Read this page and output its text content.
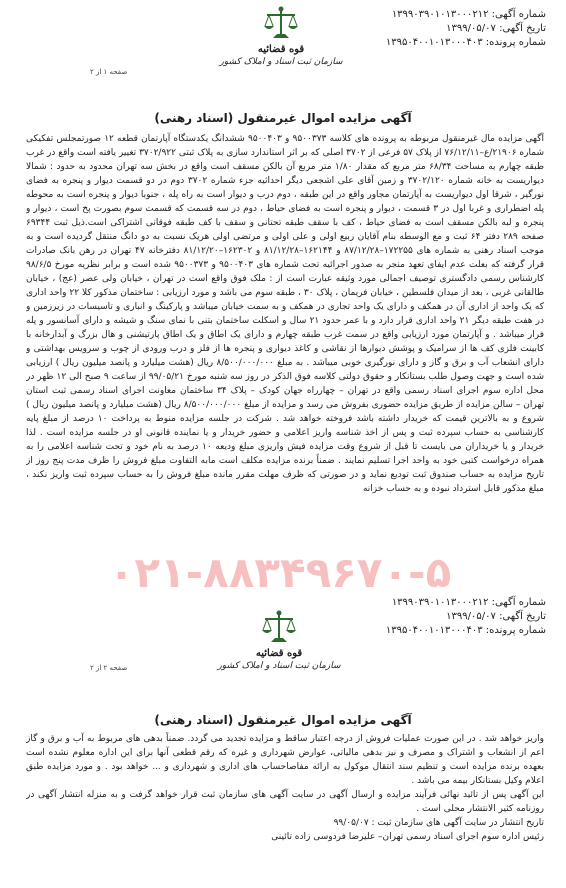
شماره آگهی: ۱۳۹۹۰۳۹۰۱۰۱۳۰۰۰۲۱۲
تاریخ آگهی: ۱۳۹۹/۰۵/۰۷
شماره پرونده: ۱۳۹۵۰۴۰۰۱۰۱۳۰۰۰۴۰۳
قوه قضائیه
سازمان ثبت اسناد و املاک کشور
صفحه ۱ از ۲
آگهی مزایده اموال غیرمنقول (اسناد رهنی)
آگهی مزایده مال غیرمنقول مربوطه به پرونده های کلاسه ۹۵۰۰۳۷۳ و ۹۵۰۰۴۰۳ ششدانگ یکدستگاه آپارتمان قطعه ۱۲ صورتمجلس تفکیکی شماره ۲۱۹۰۶/ع–۷۶/۱۲/۱۱ از پلاک ۵۷ فرعی از ۳۷۰۲ اصلی که بر اثر استاندارد سازی به پلاک ثبتی ۳۷۰۲/۹۲۲ تغییر یافته است واقع در غرب طبقه چهارم به مساحت ۶۸/۳۴ متر مربع که مقدار ۱/۸۰ متر مربع آن بالکن مسقف است واقع در بخش سه تهران محدود به حدود : شمالا دیواریست به خانه شماره ۳۷۰۲/۱۲۰ و زمین آقای علی اشجعی دیگر احداثیه جزء شماره ۳۷۰۲ دوم در دو قسمت دیوار و پنجره به فضای نورگیر ، شرقا اول دیواریست به آپارتمان مجاور واقع در این طبقه ، دوم درب و دیوار است به راه پله ، جنوبا دیوار و پنجره است به محوطه پله اضطراری و غربا اول در ۳ قسمت ، دیوار و پنجره است به فضای حیاط ، دوم در سه قسمت که قسمت سوم بصورت پخ است ، دیوار و پنجره و لبه بالکن مسقف است به فضای حیاط ، کف با سقف طبقه تحتانی و سقف با کف طبقه فوقانی اشتراکی است.ذیل ثبت ۶۹۳۴۴ صفحه ۲۸۹ دفتر ۶۴ ثبت و مع الوسطه بنام آقایان ربیع اولی و علی اولی و مرتضی اولی هریک نسبت به دو دانگ منتقل گردیده است و به موجب اسناد رهنی به شماره های ۱۷۲۲۵۵–۸۷/۱۲/۲۸ و ۱۶۲۱۴۴–۸۱/۱۲/۲۸ و ۱۶۲۳۰۲–۸۱/۱۲/۲۰ دفترخانه ۴۷ تهران در رهن بانک صادرات قرار گرفته که بعلت عدم ایفای تعهد منجر به صدور اجرائیه تحت شماره های ۹۵۰۰۴۰۳ و ۹۵۰۰۳۷۳ شده است و برابر نظریه مورخ ۹۸/۶/۵ کارشناس رسمی دادگستری توصیف اجمالی مورد وثیقه عبارت است از : ملک فوق واقع است در تهران ، خیابان ولی عصر (عج) ، خیابان طالقانی غربی ، بعد از میدان فلسطین ، خیابان فریمان ، پلاک ۳۰ ، طبقه سوم می باشد و مورد ارزیابی : ساختمان مذکور کلا ۲۲ واحد اداری که یک واحد از اداری آن در همکف و دارای یک واحد تجاری در همکف و به سمت خیابان میباشد و پارکینگ و انباری و تاسیسات در زیرزمین و در هفت طبقه دیگر ۲۱ واحد اداری قرار دارد و با عمر حدود ۲۱ سال و اسکلت ساختمان بتنی با نمای سنگ و شیشه و دارای آسانسور و پله فرار میباشد . و آپارتمان مورد ارزیابی واقع در سمت غرب طبقه چهارم و دارای یک اطاق و یک اطاق پارتیشنی و هال بزرگ و آبدارخانه با کابینت فلزی کف ها از سرامیک و پوشش دیوارها از نقاشی و کاغذ دیواری و پنجره ها از فلز و درب ورودی از چوب و سرویس بهداشتی و دارای انشعاب آب و برق و گاز و دارای نورگیری خوبی میباشد . به مبلغ ۸/۵۰۰/۰۰۰/۰۰۰ ریال (هشت میلیارد و پانصد میلیون ریال ) ارزیابی شده است و جهت وصول طلب بستانکار و حقوق دولتی کلاسه فوق الذکر در روز سه شنبه مورخ ۹۹/۰۵/۲۱ از ساعت ۹ صبح الی ۱۲ ظهر در محل اداره سوم اجرای اسناد رسمی واقع در تهران – چهارراه جهان کودک – پلاک ۳۴ ساختمان معاونت اجرای اسناد رسمی ثبت استان تهران – سالن مزایده از طریق مزایده حضوری بفروش می رسد و مزایده از مبلغ ۸/۵۰۰/۰۰۰/۰۰۰ ریال (هشت میلیارد و پانصد میلیون ریال ) شروع و به بالاترین قیمت که خریدار داشته باشد فروخته خواهد شد . شرکت در جلسه مزایده منوط به پرداخت ۱۰ درصد از مبلغ پایه کارشناسی به حساب سپرده ثبت و پس از اخذ شناسه واریز اعلامی و حضور خریدار و یا نماینده قانونی او در جلسه مزایده است . لذا خریدار و یا خریداران می بایست تا قبل از شروع وقت مزایده فیش واریزی مبلغ ودیعه ۱۰ درصد به نام خود و تحت شناسه اعلامی را به همراه درخواست کتبی خود به واحد اجرا تسلیم نمایند . ضمناً برنده مزایده مکلف است مابه التفاوت مبلغ فروش را ظرف مدت پنج روز از تاریخ مزایده به حساب صندوق ثبت تودیع نماید و در صورتی که ظرف مهلت مقرر مانده مبلغ فروش را به حساب سپرده ثبت واریز نکند ، مبلغ مذکور قابل استرداد نبوده و به حساب خزانه
۰۲۱-۸۸۳۴۹۶۷۰-۵
شماره آگهی: ۱۳۹۹۰۳۹۰۱۰۱۳۰۰۰۲۱۲
تاریخ آگهی: ۱۳۹۹/۰۵/۰۷
شماره پرونده: ۱۳۹۵۰۴۰۰۱۰۱۳۰۰۰۴۰۳
قوه قضائیه
سازمان ثبت اسناد و املاک کشور
صفحه ۲ از ۲
آگهی مزایده اموال غیرمنقول (اسناد رهنی)
واریز خواهد شد . در این صورت عملیات فروش از درجه اعتبار ساقط و مزایده تجدید می گردد. ضمناً بدهی های مربوط به آب و برق و گاز اعم از انشعاب و اشتراک و مصرف و نیز بدهی مالیاتی، عوارض شهرداری و غیره که رقم قطعی آنها برای این اداره معلوم نشده است بعهده برنده مزایده است و تنظیم سند انتقال موکول به ارائه مفاصاحساب های اداری و شهرداری و ... خواهد بود . و مورد مزایده طبق اعلام وکیل بستانکار بیمه می باشد .
این آگهی پس از تائید نهائی فرآیند مزایده و ارسال آگهی در سایت آگهی های سازمان ثبت قرار خواهد گرفت و به منزله انتشار آگهی در روزنامه کثیر الانتشار محلی است .
تاریخ انتشار در سایت آگهی های سازمان ثبت : ۹۹/۰۵/۰۷
رئیس اداره سوم اجرای اسناد رسمی تهران– علیرضا فردوسی زاده تائینی
